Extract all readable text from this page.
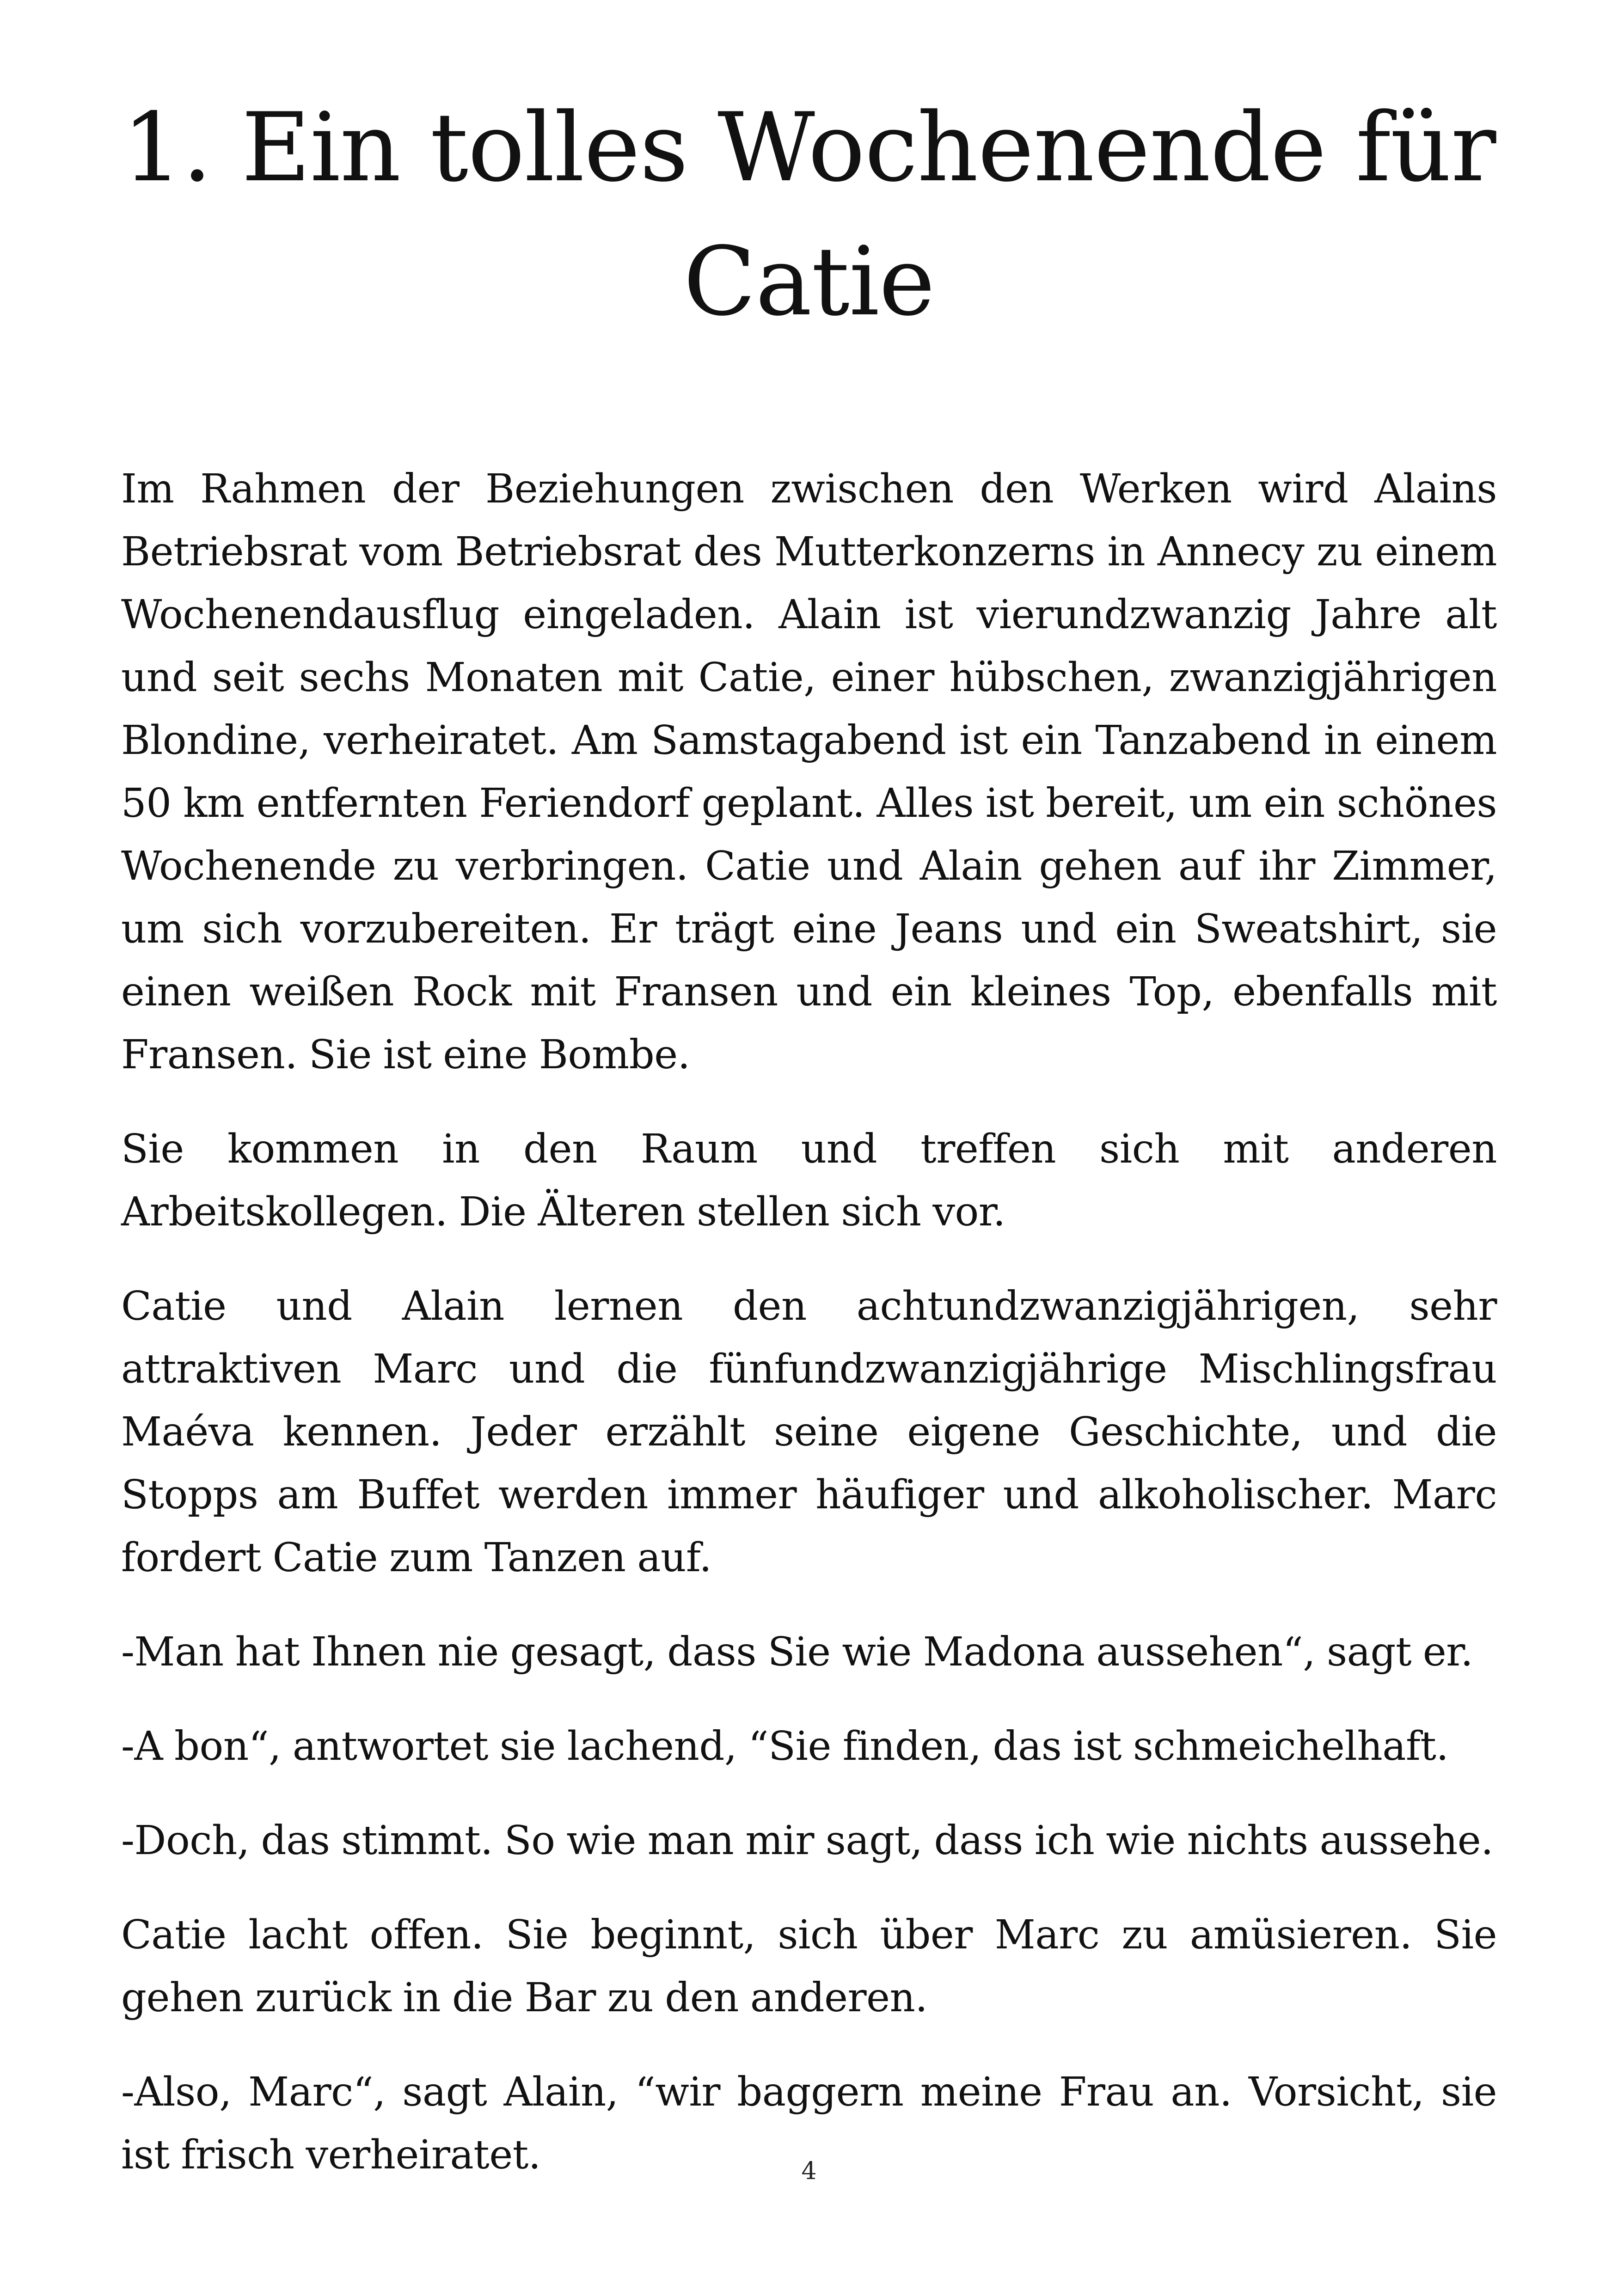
1. Ein tolles Wochenende für
Catie

Im Rahmen der Beziehungen zwischen den Werken wird Alains Betriebsrat vom Betriebsrat des Mutterkonzerns in Annecy zu einem Wochenendausflug eingeladen. Alain ist vierundzwanzig Jahre alt und seit sechs Monaten mit Catie, einer hübschen, zwanzigjährigen Blondine, verheiratet. Am Samstagabend ist ein Tanzabend in einem 50 km entfernten Feriendorf geplant. Alles ist bereit, um ein schönes Wochenende zu verbringen. Catie und Alain gehen auf ihr Zimmer, um sich vorzubereiten. Er trägt eine Jeans und ein Sweatshirt, sie einen weißen Rock mit Fransen und ein kleines Top, ebenfalls mit Fransen. Sie ist eine Bombe.

Sie kommen in den Raum und treffen sich mit anderen Arbeitskollegen. Die Älteren stellen sich vor.

Catie und Alain lernen den achtundzwanzigjährigen, sehr attraktiven Marc und die fünfundzwanzigjährige Mischlingsfrau Maéva kennen. Jeder erzählt seine eigene Geschichte, und die Stopps am Buffet werden immer häufiger und alkoholischer. Marc fordert Catie zum Tanzen auf.

-Man hat Ihnen nie gesagt, dass Sie wie Madona aussehen“, sagt er.

-A bon“, antwortet sie lachend, “Sie finden, das ist schmeichelhaft.

-Doch, das stimmt. So wie man mir sagt, dass ich wie nichts aussehe.

Catie lacht offen. Sie beginnt, sich über Marc zu amüsieren. Sie gehen zurück in die Bar zu den anderen.

-Also, Marc“, sagt Alain, “wir baggern meine Frau an. Vorsicht, sie ist frisch verheiratet.	4
